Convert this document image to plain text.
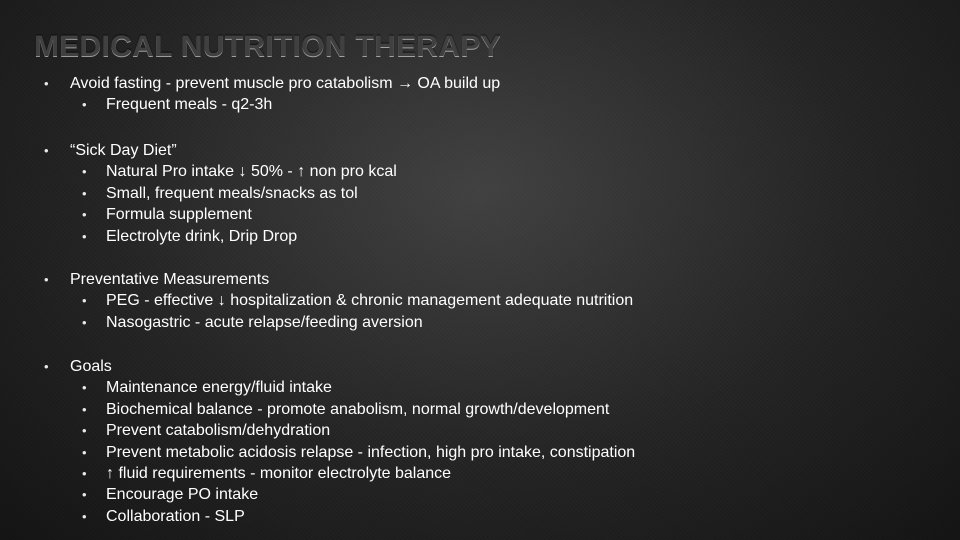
MEDICAL NUTRITION THERAPY
• Avoid fasting - prevent muscle pro catabolism → OA build up
• Frequent meals - q2-3h
• “Sick Day Diet”
• Natural Pro intake ↓ 50% - ↑ non pro kcal
• Small, frequent meals/snacks as tol
• Formula supplement
• Electrolyte drink, Drip Drop
• Preventative Measurements
• PEG - effective ↓ hospitalization & chronic management adequate nutrition
• Nasogastric - acute relapse/feeding aversion
• Goals
• Maintenance energy/fluid intake
• Biochemical balance - promote anabolism, normal growth/development
• Prevent catabolism/dehydration
• Prevent metabolic acidosis relapse - infection, high pro intake, constipation
• ↑ fluid requirements - monitor electrolyte balance
• Encourage PO intake
• Collaboration - SLP
